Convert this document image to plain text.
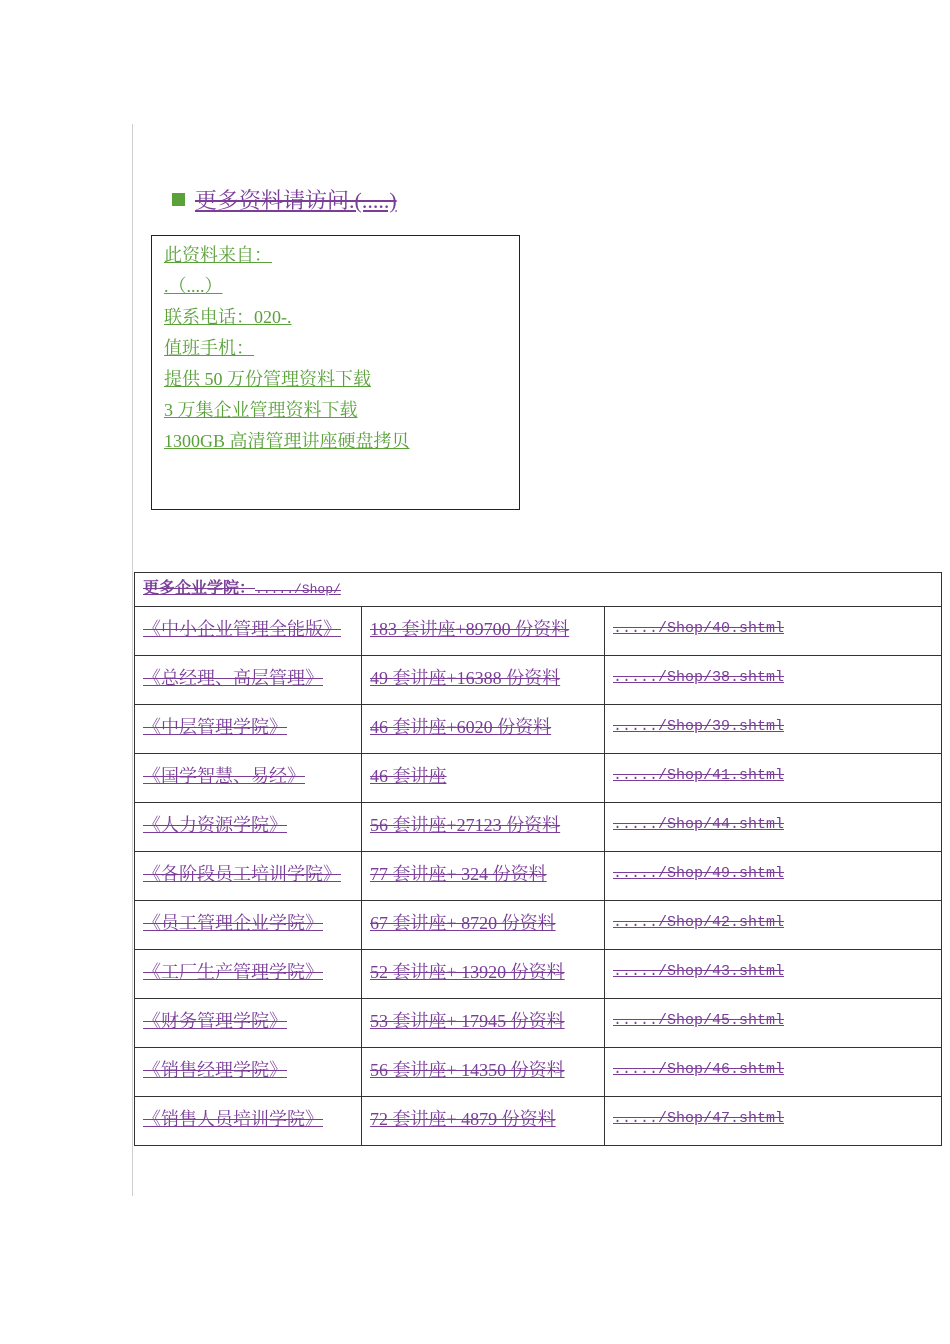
更多资料请访问.(.....)
此资料来自：
.（....）
联系电话：020-.
值班手机：
提供 50 万份管理资料下载
3 万集企业管理资料下载
1300GB 高清管理讲座硬盘拷贝
更多企业学院：...../Shop/		
《中小企业管理全能版》	183 套讲座+89700 份资料	...../Shop/40.shtml
《总经理、高层管理》	49 套讲座+16388 份资料	...../Shop/38.shtml
《中层管理学院》	46 套讲座+6020 份资料	...../Shop/39.shtml
《国学智慧、易经》	46 套讲座	...../Shop/41.shtml
《人力资源学院》	56 套讲座+27123 份资料	...../Shop/44.shtml
《各阶段员工培训学院》	77 套讲座+ 324 份资料	...../Shop/49.shtml
《员工管理企业学院》	67 套讲座+ 8720 份资料	...../Shop/42.shtml
《工厂生产管理学院》	52 套讲座+ 13920 份资料	...../Shop/43.shtml
《财务管理学院》	53 套讲座+ 17945 份资料	...../Shop/45.shtml
《销售经理学院》	56 套讲座+ 14350 份资料	...../Shop/46.shtml
《销售人员培训学院》	72 套讲座+ 4879 份资料	...../Shop/47.shtml
